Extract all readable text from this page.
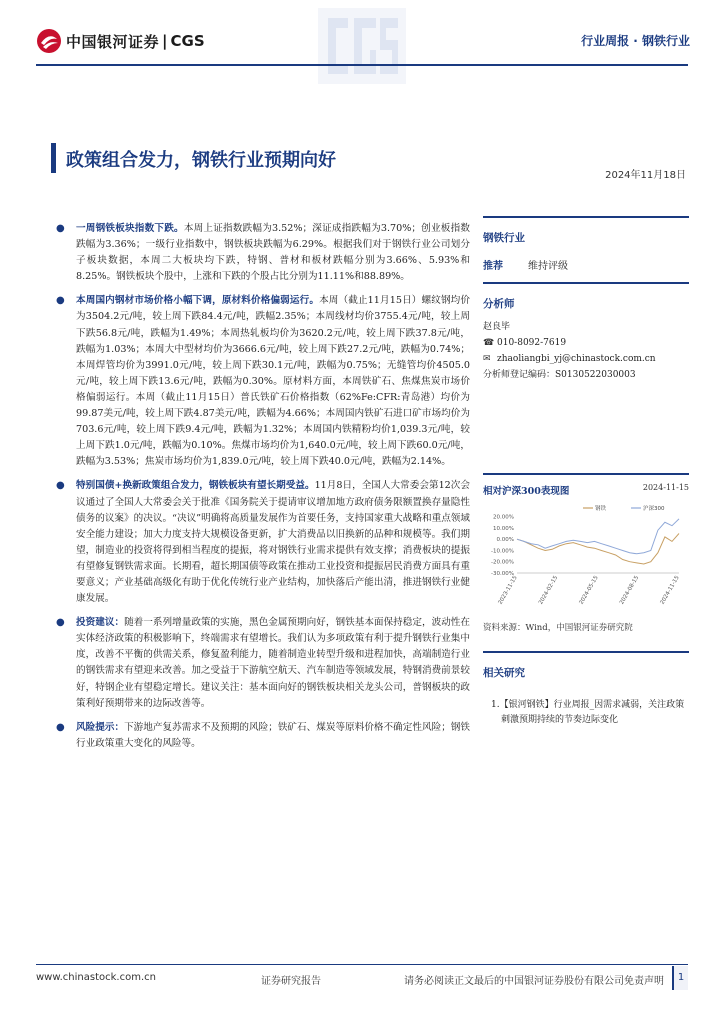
中国银河证券 | CGS	行业周报 · 钢铁行业
政策组合发力，钢铁行业预期向好
2024年11月18日
● 一周钢铁板块指数下跌。本周上证指数跌幅为3.52%；深证成指跌幅为3.70%；创业板指数跌幅为3.36%；一级行业指数中，钢铁板块跌幅为6.29%。根据我们对于钢铁行业公司划分子板块数据，本周二大板块均下跌，特钢、普材和板材跌幅分别为3.66%、5.93%和8.25%。钢铁板块个股中，上涨和下跌的个股占比分别为11.11%和88.89%。
● 本周国内钢材市场价格小幅下调，原材料价格偏弱运行。本周（截止11月15日）螺纹钢均价为3504.2元/吨，较上周下跌84.4元/吨，跌幅2.35%；本周线材均价3755.4元/吨，较上周下跌56.8元/吨，跌幅为1.49%；本周热轧板均价为3620.2元/吨，较上周下跌37.8元/吨，跌幅为1.03%；本周大中型材均价为3666.6元/吨，较上周下跌27.2元/吨，跌幅为0.74%；本周焊管均价为3991.0元/吨，较上周下跌30.1元/吨，跌幅为0.75%；无缝管均价4505.0元/吨，较上周下跌13.6元/吨，跌幅为0.30%。原材料方面，本周铁矿石、焦煤焦炭市场价格偏弱运行。本周（截止11月15日）普氏铁矿石价格指数（62%Fe:CFR:青岛港）均价为99.87美元/吨，较上周下跌4.87美元/吨，跌幅为4.66%；本周国内铁矿石进口矿市场均价为703.6元/吨，较上周下跌9.4元/吨，跌幅为1.32%；本周国内铁精粉均价1,039.3元/吨，较上周下跌1.0元/吨，跌幅为0.10%。焦煤市场均价为1,640.0元/吨，较上周下跌60.0元/吨，跌幅为3.53%；焦炭市场均价为1,839.0元/吨，较上周下跌40.0元/吨，跌幅为2.14%。
● 特别国债+换新政策组合发力，钢铁板块有望长期受益。11月8日，全国人大常委会第12次会议通过了全国人大常委会关于批准《国务院关于提请审议增加地方政府债务限额置换存量隐性债务的议案》的决议。“决议”明确将高质量发展作为首要任务，支持国家重大战略和重点领域安全能力建设；加大力度支持大规模设备更新，扩大消费品以旧换新的品种和规模等。我们期望，制造业的投资将得到相当程度的提振，将对钢铁行业需求提供有效支撑；消费板块的提振有望修复钢铁需求面。长期看，超长期国债等政策在推动工业投资和提振居民消费方面具有重要意义；产业基础高级化有助于优化传统行业产业结构，加快落后产能出清，推进钢铁行业健康发展。
● 投资建议：随着一系列增量政策的实施，黑色金属预期向好，钢铁基本面保持稳定，波动性在实体经济政策的积极影响下，终端需求有望增长。我们认为多项政策有利于提升钢铁行业集中度，改善不平衡的供需关系，修复盈利能力，随着制造业转型升级和进程加快，高端制造行业的钢铁需求有望迎来改善。加之受益于下游航空航天、汽车制造等领域发展，特钢消费前景较好，特钢企业有望稳定增长。建议关注：基本面向好的钢铁板块相关龙头公司，普钢板块的政策利好预期带来的边际改善等。
● 风险提示：下游地产复苏需求不及预期的风险；铁矿石、煤炭等原料价格不确定性风险；钢铁行业政策重大变化的风险等。
钢铁行业
推荐	维持评级
分析师
赵良毕
☎ 010-8092-7619
✉ zhaoliangbi_yj@chinastock.com.cn
分析师登记编码：S0130522030003
相对沪深300表现图	2024-11-15
20.00%
10.00%
0.00%
-10.00%
-20.00%
-30.00%
2023-11-15	2024-02-15	2024-05-15	2024-08-15	2024-11-15
钢铁	沪深300
资料来源：Wind，中国银河证券研究院
相关研究
1.【银河钢铁】行业周报_因需求减弱，关注政策刺激预期持续的节奏边际变化
www.chinastock.com.cn	证券研究报告	请务必阅读正文最后的中国银河证券股份有限公司免责声明	1
